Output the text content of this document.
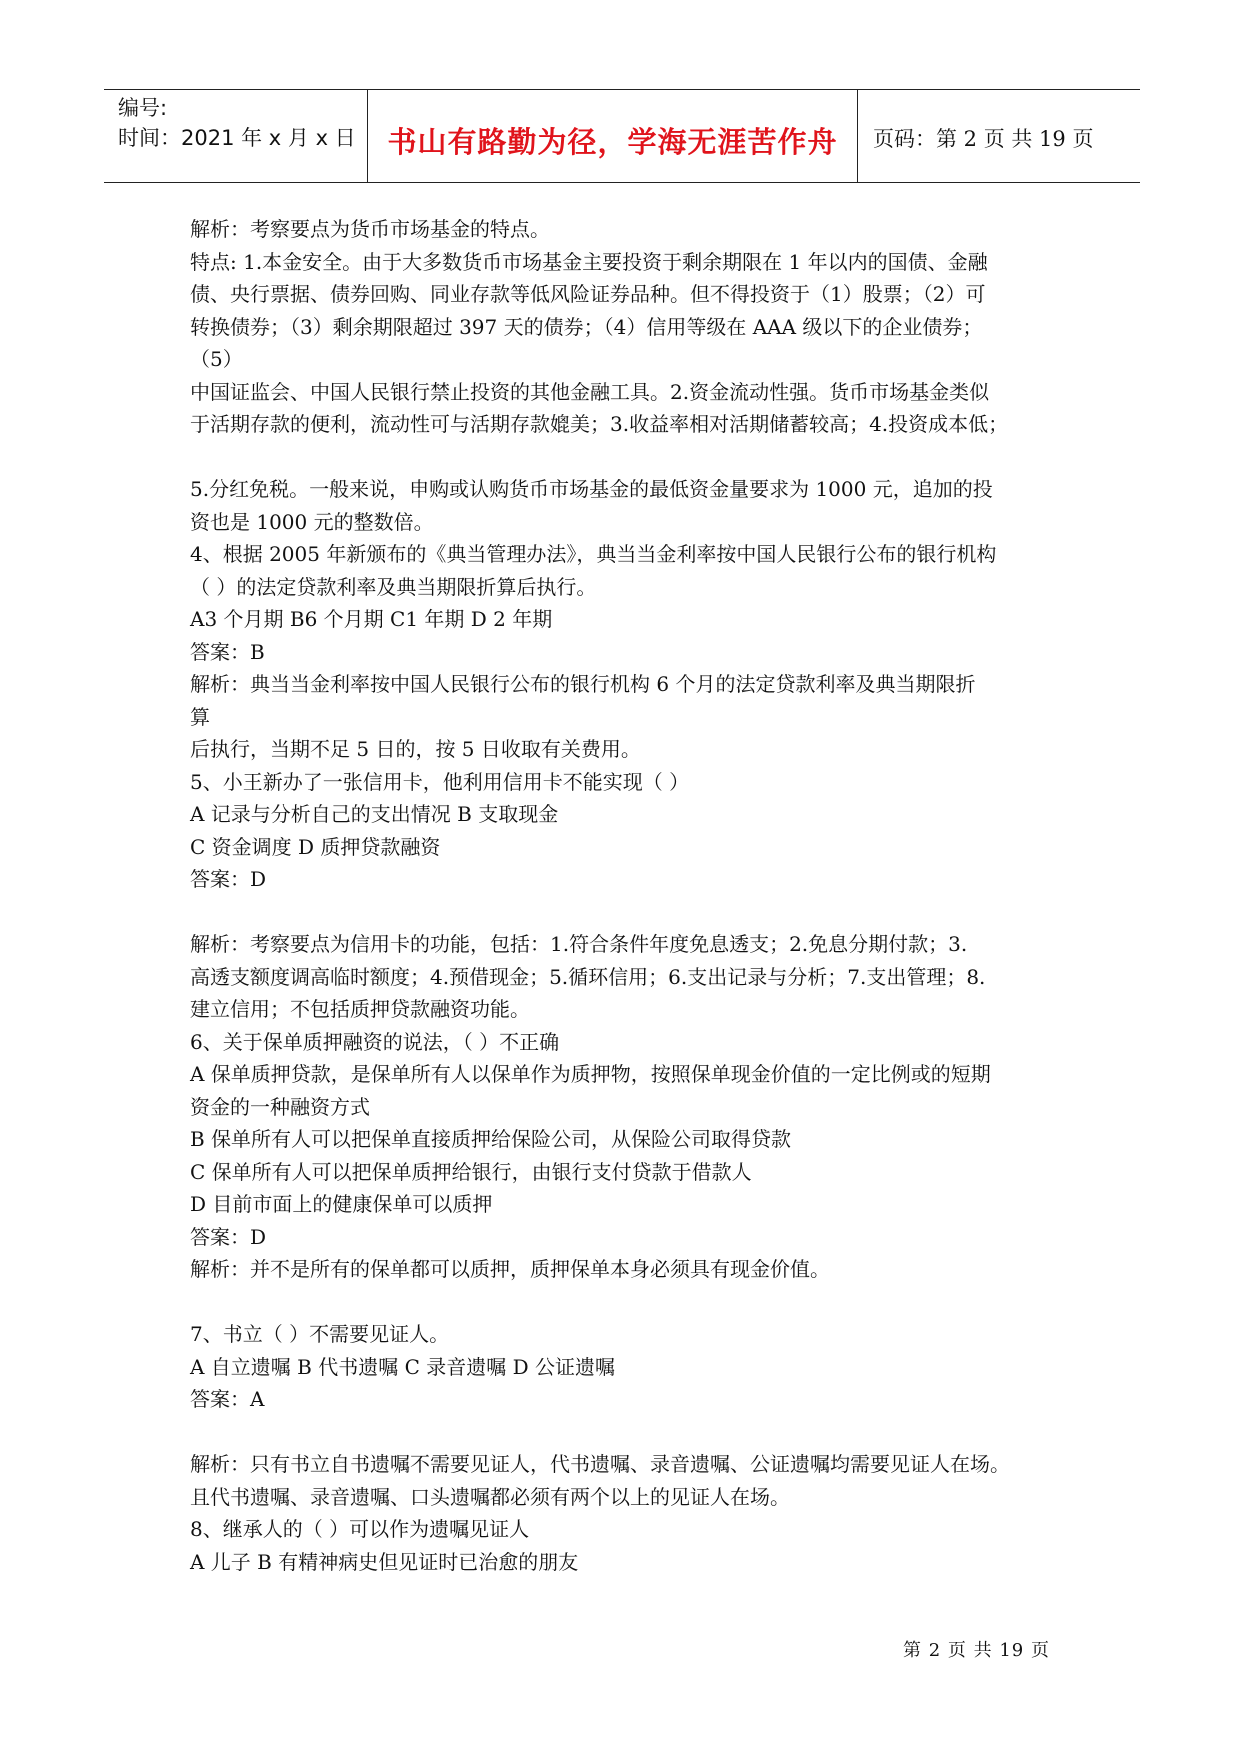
编号:
时间：2021 年 x 月 x 日	书山有路勤为径，学海无涯苦作舟	页码：第 2 页 共 19 页
解析：考察要点为货币市场基金的特点。
特点: 1.本金安全。由于大多数货币市场基金主要投资于剩余期限在 1 年以内的国债、金融
债、央行票据、债券回购、同业存款等低风险证券品种。但不得投资于（1）股票；（2）可
转换债券；（3）剩余期限超过 397 天的债券；（4）信用等级在 AAA 级以下的企业债券；
（5）
中国证监会、中国人民银行禁止投资的其他金融工具。2.资金流动性强。货币市场基金类似
于活期存款的便利，流动性可与活期存款媲美；3.收益率相对活期储蓄较高；4.投资成本低；
5.分红免税。一般来说，申购或认购货币市场基金的最低资金量要求为 1000 元，追加的投
资也是 1000 元的整数倍。
4、根据 2005 年新颁布的《典当管理办法》，典当当金利率按中国人民银行公布的银行机构
（ ）的法定贷款利率及典当期限折算后执行。
A3 个月期 B6 个月期 C1 年期 D 2 年期
答案：B
解析：典当当金利率按中国人民银行公布的银行机构 6 个月的法定贷款利率及典当期限折
算
后执行，当期不足 5 日的，按 5 日收取有关费用。
5、小王新办了一张信用卡，他利用信用卡不能实现（ ）
A 记录与分析自己的支出情况 B 支取现金
C 资金调度 D 质押贷款融资
答案：D
解析：考察要点为信用卡的功能，包括：1.符合条件年度免息透支；2.免息分期付款；3.
高透支额度调高临时额度；4.预借现金；5.循环信用；6.支出记录与分析；7.支出管理；8.
建立信用；不包括质押贷款融资功能。
6、关于保单质押融资的说法，（ ）不正确
A 保单质押贷款，是保单所有人以保单作为质押物，按照保单现金价值的一定比例或的短期
资金的一种融资方式
B 保单所有人可以把保单直接质押给保险公司，从保险公司取得贷款
C 保单所有人可以把保单质押给银行，由银行支付贷款于借款人
D 目前市面上的健康保单可以质押
答案：D
解析：并不是所有的保单都可以质押，质押保单本身必须具有现金价值。
7、书立（ ）不需要见证人。
A 自立遗嘱 B 代书遗嘱 C 录音遗嘱 D 公证遗嘱
答案：A
解析：只有书立自书遗嘱不需要见证人，代书遗嘱、录音遗嘱、公证遗嘱均需要见证人在场。
且代书遗嘱、录音遗嘱、口头遗嘱都必须有两个以上的见证人在场。
8、继承人的（ ）可以作为遗嘱见证人
A 儿子 B 有精神病史但见证时已治愈的朋友
第 2 页 共 19 页
